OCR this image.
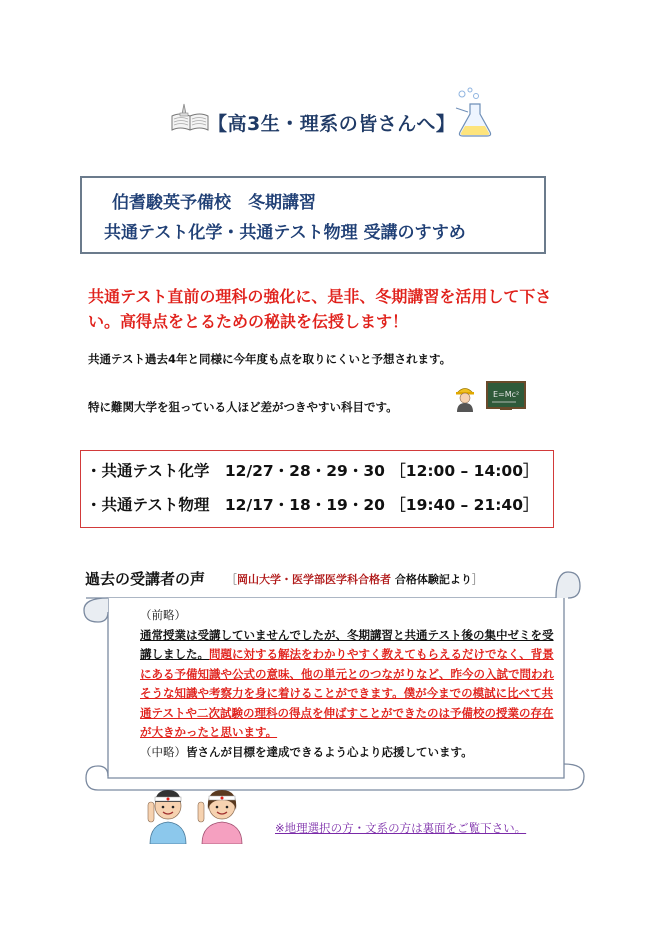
【高3生・理系の皆さんへ】
伯耆駿英予備校　冬期講習
共通テスト化学・共通テスト物理 受講のすすめ
共通テスト直前の理科の強化に、是非、冬期講習を活用して下さい。高得点をとるための秘訣を伝授します！
共通テスト過去4年と同様に今年度も点を取りにくいと予想されます。
特に難関大学を狙っている人ほど差がつきやすい科目です。
E=Mc²
・共通テスト化学　12/27・28・29・30 ［12:00 – 14:00］
・共通テスト物理　12/17・18・19・20 ［19:40 – 21:40］
過去の受講者の声 ［岡山大学・医学部医学科合格者 合格体験記より］
（前略）
通常授業は受講していませんでしたが、冬期講習と共通テスト後の集中ゼミを受講しました。問題に対する解法をわかりやすく教えてもらえるだけでなく、背景にある予備知識や公式の意味、他の単元とのつながりなど、昨今の入試で問われそうな知識や考察力を身に着けることができます。僕が今までの模試に比べて共通テストや二次試験の理科の得点を伸ばすことができたのは予備校の授業の存在が大きかったと思います。
（中略）皆さんが目標を達成できるよう心より応援しています。
※地理選択の方・文系の方は裏面をご覧下さい。
